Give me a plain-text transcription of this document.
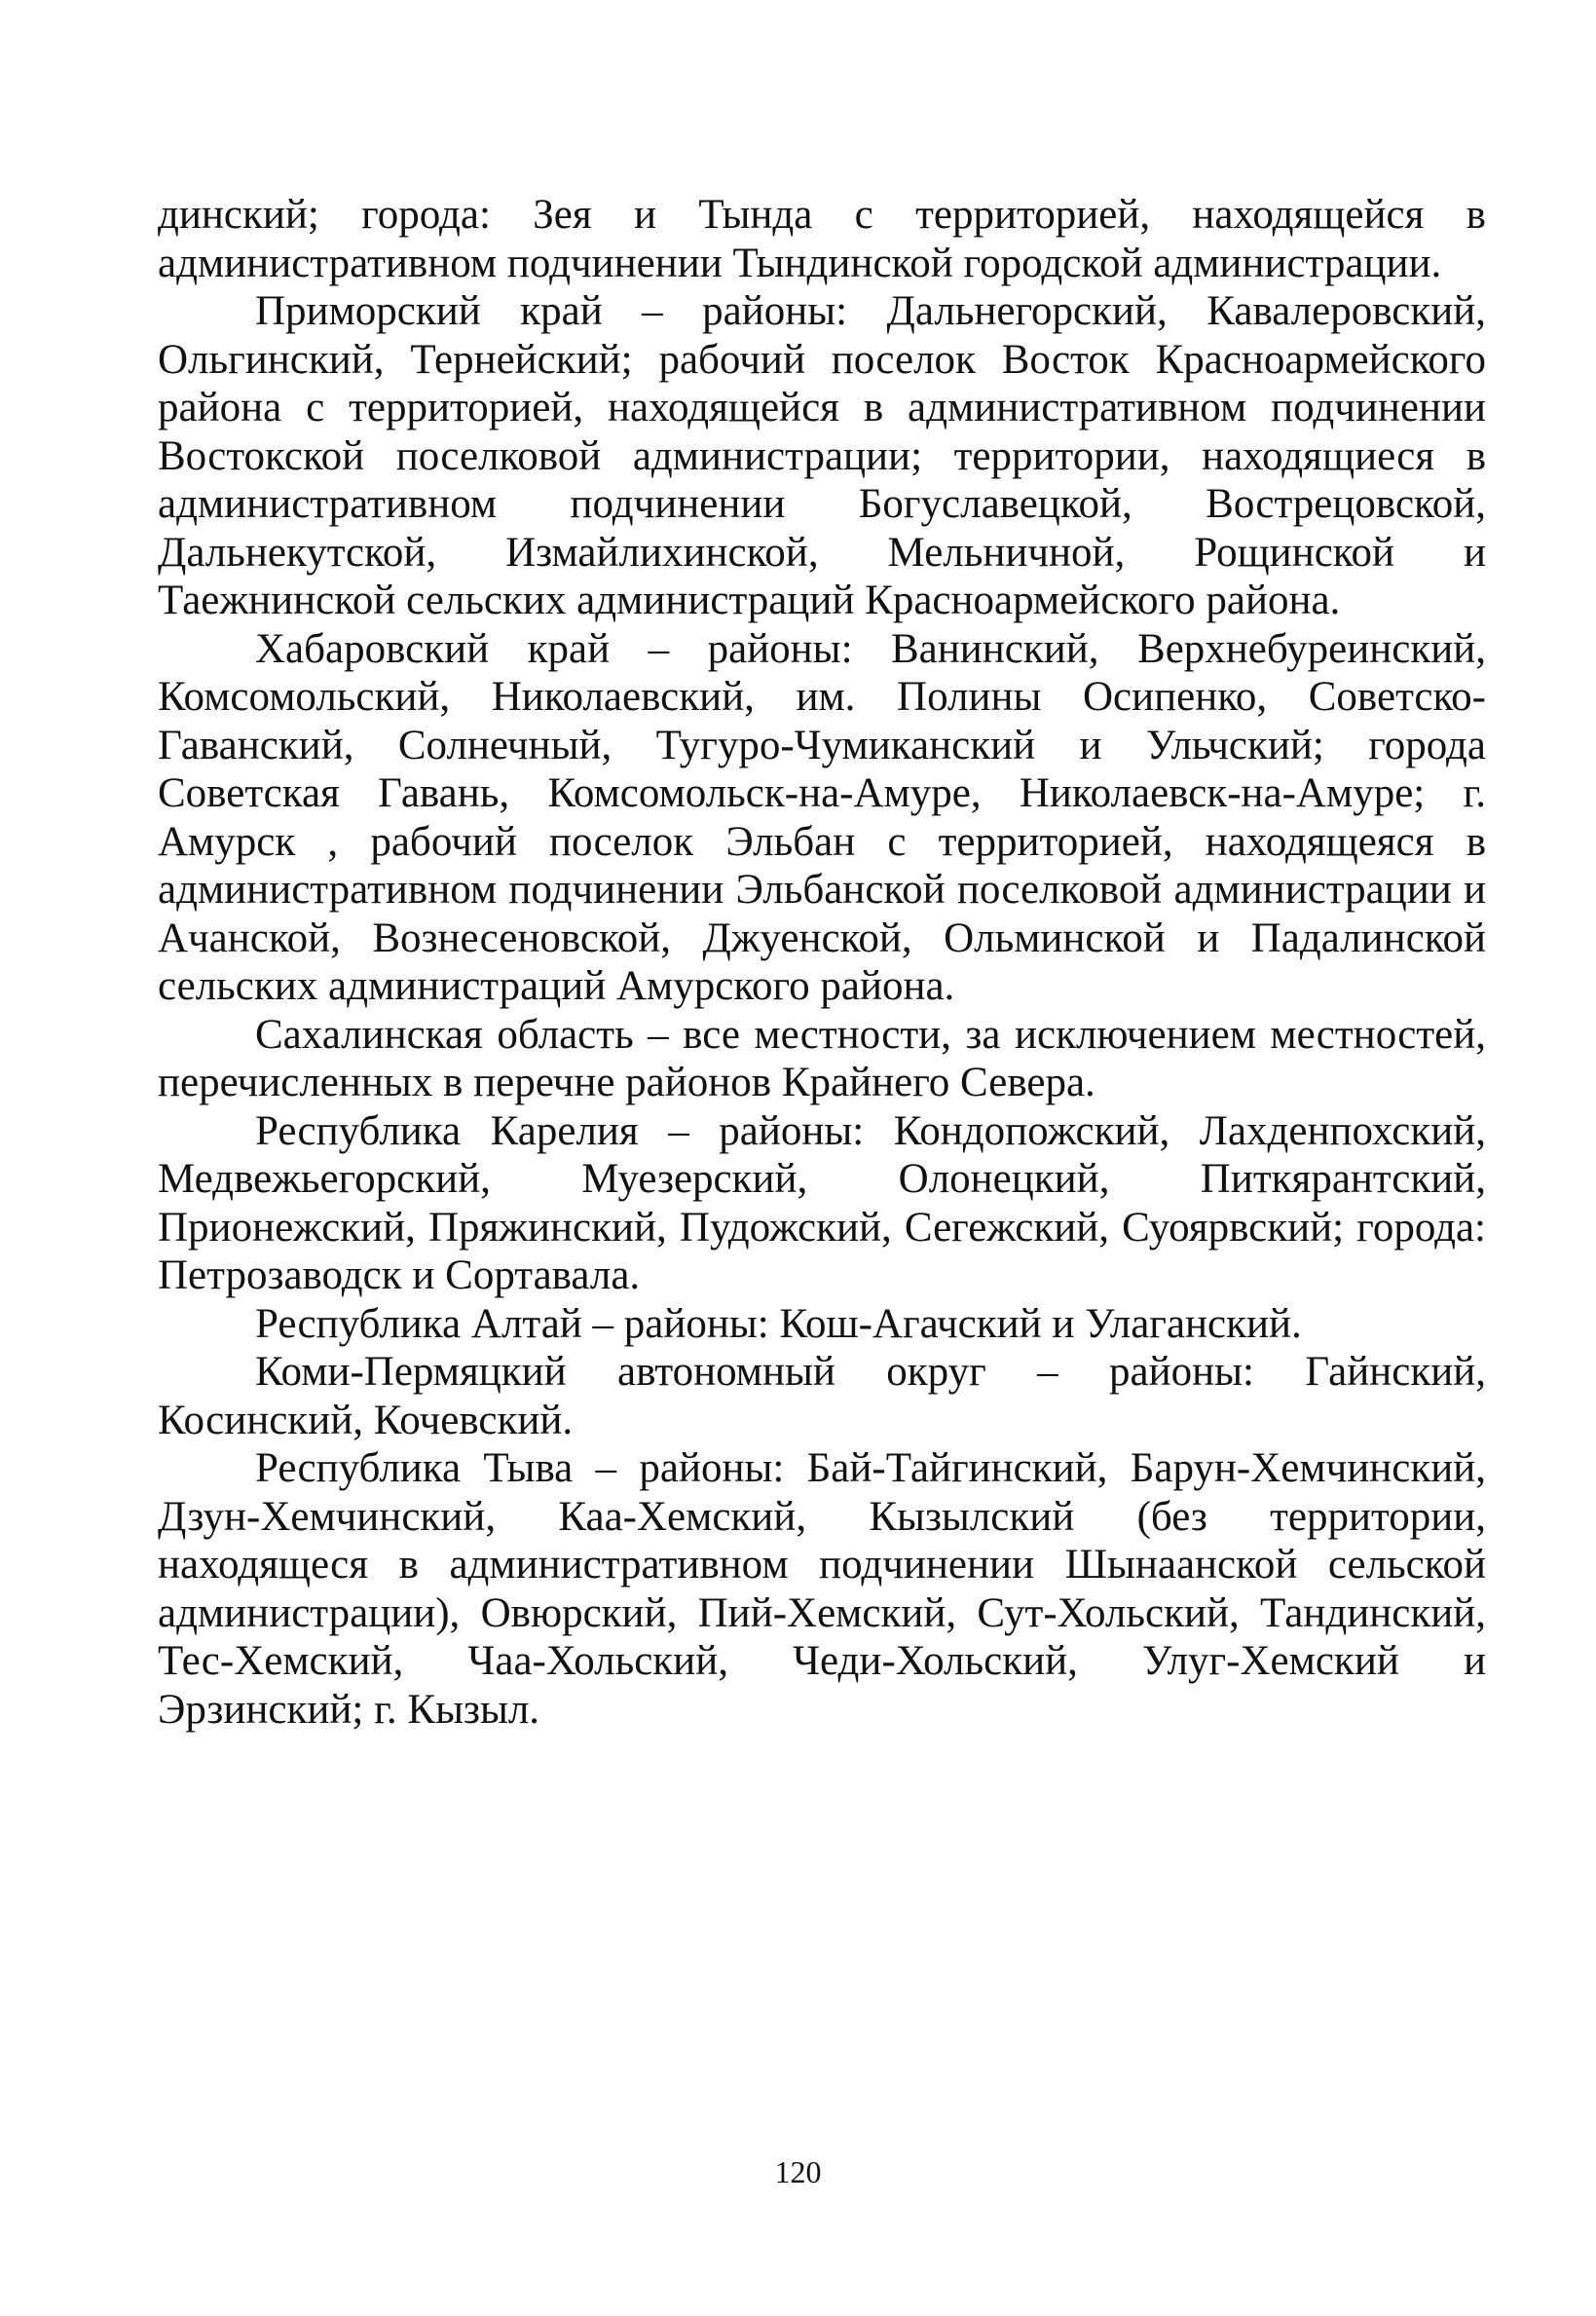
динский; города: Зея и Тында с территорией, находящейся в административном подчинении Тындинской городской администрации.

Приморский край – районы: Дальнегорский, Кавалеровский, Ольгинский, Тернейский; рабочий поселок Восток Красноармейского района с территорией, находящейся в административном подчинении Востокской поселковой администрации; территории, находящиеся в административном подчинении Богуславецкой, Вострецовской, Дальнекутской, Измайлихинской, Мельничной, Рощинской и Таежнинской сельских администраций Красноармейского района.

Хабаровский край – районы: Ванинский, Верхнебуреинский, Комсомольский, Николаевский, им. Полины Осипенко, Советско-Гаванский, Солнечный, Тугуро-Чумиканский и Ульчский; города Советская Гавань, Комсомольск-на-Амуре, Николаевск-на-Амуре; г. Амурск , рабочий поселок Эльбан с территорией, находящеяся в административном подчинении Эльбанской поселковой администрации и Ачанской, Вознесеновской, Джуенской, Ольминской и Падалинской сельских администраций Амурского района.

Сахалинская область – все местности, за исключением местностей, перечисленных в перечне районов Крайнего Севера.

Республика Карелия – районы: Кондопожский, Лахденпохский, Медвежьегорский, Муезерский, Олонецкий, Питкярантский, Прионежский, Пряжинский, Пудожский, Сегежский, Суоярвский; города: Петрозаводск и Сортавала.

Республика Алтай – районы: Кош-Агачский и Улаганский.

Коми-Пермяцкий автономный округ – районы: Гайнский, Косинский, Кочевский.

Республика Тыва – районы: Бай-Тайгинский, Барун-Хемчинский, Дзун-Хемчинский, Каа-Хемский, Кызылский (без территории, находящеся в административном подчинении Шынаанской сельской администрации), Овюрский, Пий-Хемский, Сут-Хольский, Тандинский, Тес-Хемский, Чаа-Хольский, Чеди-Хольский, Улуг-Хемский и Эрзинский; г. Кызыл.

120
